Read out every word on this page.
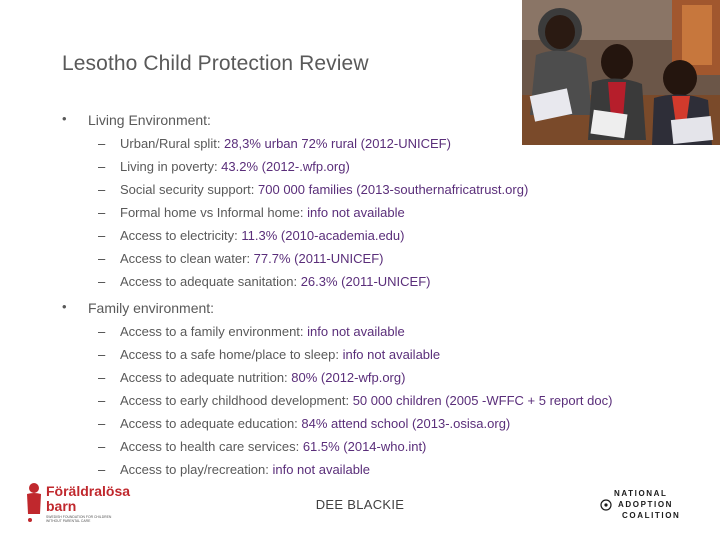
Lesotho Child Protection Review
• Living Environment:
– Urban/Rural split: 28,3% urban 72% rural (2012-UNICEF)
– Living in poverty: 43.2% (2012-.wfp.org)
– Social security support: 700 000 families (2013-southernafricatrust.org)
– Formal home vs Informal home: info not available
– Access to electricity: 11.3% (2010-academia.edu)
– Access to clean water: 77.7% (2011-UNICEF)
– Access to adequate sanitation: 26.3% (2011-UNICEF)
• Family environment:
– Access to a family environment: info not available
– Access to a safe home/place to sleep: info not available
– Access to adequate nutrition: 80% (2012-wfp.org)
– Access to early childhood development: 50 000 children (2005 -WFFC + 5 report doc)
– Access to adequate education: 84% attend school (2013-.osisa.org)
– Access to health care services: 61.5% (2014-who.int)
– Access to play/recreation: info not available
DEE BLACKIE
Föräldralösa
barn
SWEDISH FOUNDATION FOR CHILDREN
WITHOUT PARENTAL CARE
NATIONAL
ADOPTION
COALITION
